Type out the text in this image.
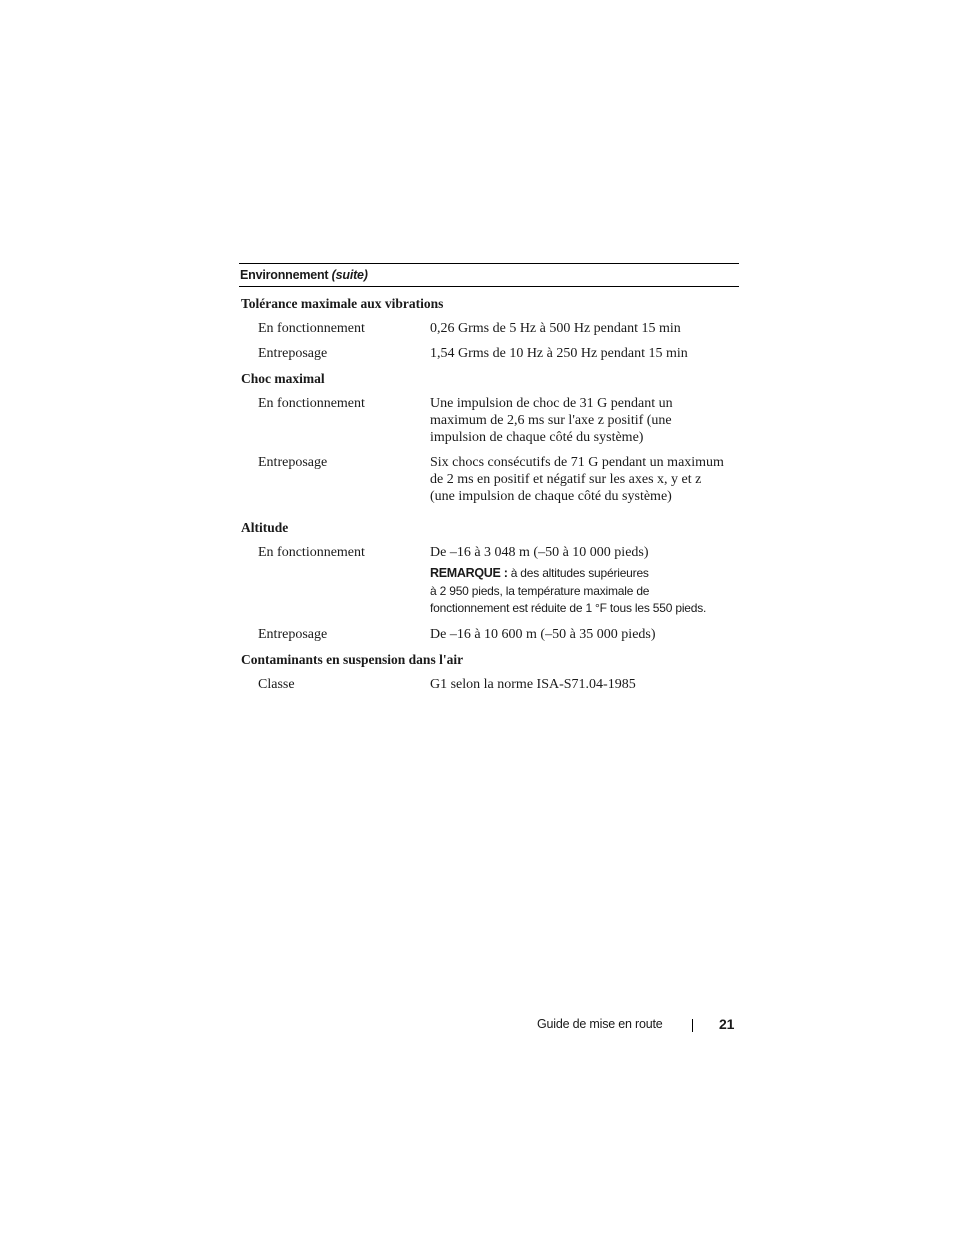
Environnement (suite)
Tolérance maximale aux vibrations
En fonctionnement	0,26 Grms de 5 Hz à 500 Hz pendant 15 min
Entreposage	1,54 Grms de 10 Hz à 250 Hz pendant 15 min
Choc maximal
En fonctionnement	Une impulsion de choc de 31 G pendant un
maximum de 2,6 ms sur l'axe z positif (une
impulsion de chaque côté du système)
Entreposage	Six chocs consécutifs de 71 G pendant un maximum
de 2 ms en positif et négatif sur les axes x, y et z
(une impulsion de chaque côté du système)
Altitude
En fonctionnement	De –16 à 3 048 m (–50 à 10 000 pieds)
REMARQUE : à des altitudes supérieures
à 2 950 pieds, la température maximale de
fonctionnement est réduite de 1 °F tous les 550 pieds.
Entreposage	De –16 à 10 600 m (–50 à 35 000 pieds)
Contaminants en suspension dans l'air
Classe	G1 selon la norme ISA-S71.04-1985
Guide de mise en route	21
